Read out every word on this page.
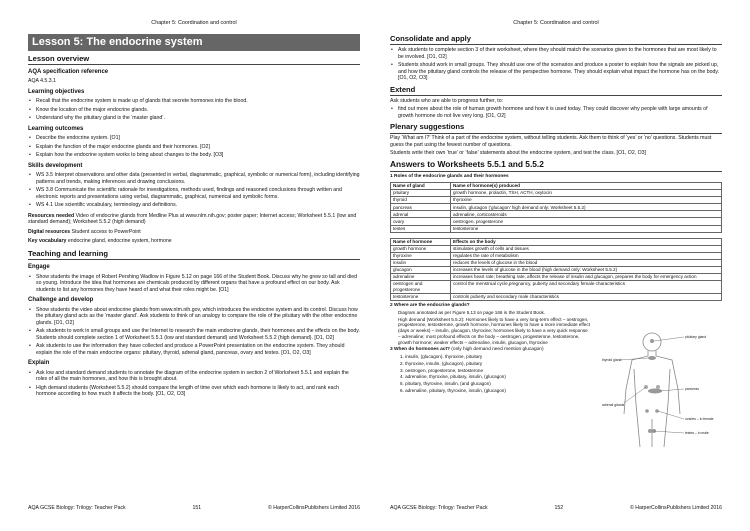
Chapter 5: Coordination and control
Lesson 5: The endocrine system
Lesson overview
AQA specification reference
AQA 4.5.3.1
Learning objectives
• Recall that the endocrine system is made up of glands that secrete hormones into the blood.
• Know the location of the major endocrine glands.
• Understand why the pituitary gland is the ‘master gland’.
Learning outcomes
• Describe the endocrine system. [O1]
• Explain the function of the major endocrine glands and their hormones. [O2]
• Explain how the endocrine system works to bring about changes to the body. [O3]
Skills development
• WS 3.5 Interpret observations and other data (presented in verbal, diagrammatic, graphical, symbolic or numerical form), including identifying patterns and trends, making inferences and drawing conclusions.
• WS 3.8 Communicate the scientific rationale for investigations, methods used, findings and reasoned conclusions through written and electronic reports and presentations using verbal, diagrammatic, graphical, numerical and symbolic forms.
• WS 4.1 Use scientific vocabulary, terminology and definitions.
Resources needed Video of endocrine glands from Medline Plus at www.nlm.nih.gov; poster paper; Internet access; Worksheet 5.5.1 (low and standard demand); Worksheet 5.5.2 (high demand)
Digital resources Student access to PowerPoint
Key vocabulary endocrine gland, endocrine system, hormone
Teaching and learning
Engage
• Show students the image of Robert Pershing Wadlow in Figure 5.12 on page 166 of the Student Book. Discuss why he grew so tall and died so young. Introduce the idea that hormones are chemicals produced by different organs that have a profound effect on our body. Ask students to list any hormones they have heard of and what their roles might be. [O1]
Challenge and develop
• Show students the video about endocrine glands from www.nlm.nih.gov, which introduces the endocrine system and its control. Discuss how the pituitary gland acts as the ‘master gland’. Ask students to think of an analogy to compare the role of the pituitary with the other endocrine glands. [O1, O2]
• Ask students to work in small groups and use the Internet to research the main endocrine glands, their hormones and the effects on the body. Students should complete section 1 of Worksheet 5.5.1 (low and standard demand) and Worksheet 5.5.2 (high demand). [O1, O2]
• Ask students to use the information they have collected and produce a PowerPoint presentation on the endocrine system. They should explain the role of the main endocrine organs: pituitary, thyroid, adrenal gland, pancreas, ovary and testes. [O1, O2, O3]
Explain
• Ask low and standard demand students to annotate the diagram of the endocrine system in section 2 of Worksheet 5.5.1 and explain the roles of all the main hormones, and how this is brought about.
• High demand students (Worksheet 5.5.2) should compare the length of time over which each hormone is likely to act, and rank each hormone according to how much it affects the body. [O1, O2, O3]
AQA GCSE Biology: Trilogy: Teacher Pack	151	© HarperCollinsPublishers Limited 2016
Chapter 5: Coordination and control
Consolidate and apply
• Ask students to complete section 3 of their worksheet, where they should match the scenarios given to the hormones that are most likely to be involved. [O1, O2]
• Students should work in small groups. They should use one of the scenarios and produce a poster to explain how the signals are picked up, and how the pituitary gland controls the release of the perspective hormone. They should explain what impact the hormone has on the body. [O1, O2, O3]
Extend
Ask students who are able to progress further, to:
• find out more about the role of human growth hormone and how it is used today. They could discover why people with large amounts of growth hormone do not live very long. [O1, O2]
Plenary suggestions
Play ‘What am I?’ Think of a part of the endocrine system, without telling students. Ask them to think of ‘yes’ or ‘no’ questions. Students must guess the part using the fewest number of questions.
Students write their own ‘true’ or ‘false’ statements about the endocrine system, and test the class. [O1, O2, O3]
Answers to Worksheets 5.5.1 and 5.5.2
1 Roles of the endocrine glands and their hormones
Name of gland	Name of hormone(s) produced
pituitary	growth hormone, prolactin, TSH, ACTH, oxytocin
thyroid	thyroxine
pancreas	insulin, glucagon (‘glucagon’ high demand only: Worksheet 5.5.2)
adrenal	adrenaline, corticosteroids
ovary	oestrogen, progesterone
testes	testosterone
Name of hormone	Effects on the body
growth hormone	stimulates growth of cells and tissues
thyroxine	regulates the rate of metabolism
insulin	reduces the levels of glucose in the blood
glucagon	increases the levels of glucose in the blood (high demand only: Worksheet 5.5.2)
adrenaline	increases heart rate; breathing rate, affects the release of insulin and glucagon, prepares the body for emergency action
oestrogen and progesterone	control the menstrual cycle,pregnancy, puberty and secondary female characteristics
testosterone	controls puberty and secondary male characteristics
2 Where are the endocrine glands?
Diagram annotated as per Figure 5.13 on page 166 in the Student Book.
High demand (Worksheet 5.5.2): Hormones likely to have a very long-term effect – oestrogen, progesterone, testosterone, growth hormone, hormones likely to have a more immediate effect (days or weeks) – insulin, glucagon, thyroxine; hormones likely to have a very quick response – adrenaline; most profound effects on the body – oestrogen, progesterone, testosterone, growth hormone; weaker effects – adrenaline, insulin, glucagon, thyroxine
3 When do hormones act? (only high demand need mention glucagon)
1. insulin, (glucagon), thyroxine, pituitary
2. thyroxine, insulin, (glucagon), pituitary
3. oestrogen, progesterone, testosterone
4. adrenaline, thyroxine, pituitary, insulin, (glucagon)
5. pituitary, thyroxine, insulin, (and glucagon)
6. adrenaline, pituitary, thyroxine, insulin, (glucagon)
pituitary gland
thyroid gland
pancreas
adrenal glands
ovaries – in female
testes – in male
AQA GCSE Biology: Trilogy: Teacher Pack	152	© HarperCollinsPublishers Limited 2016
